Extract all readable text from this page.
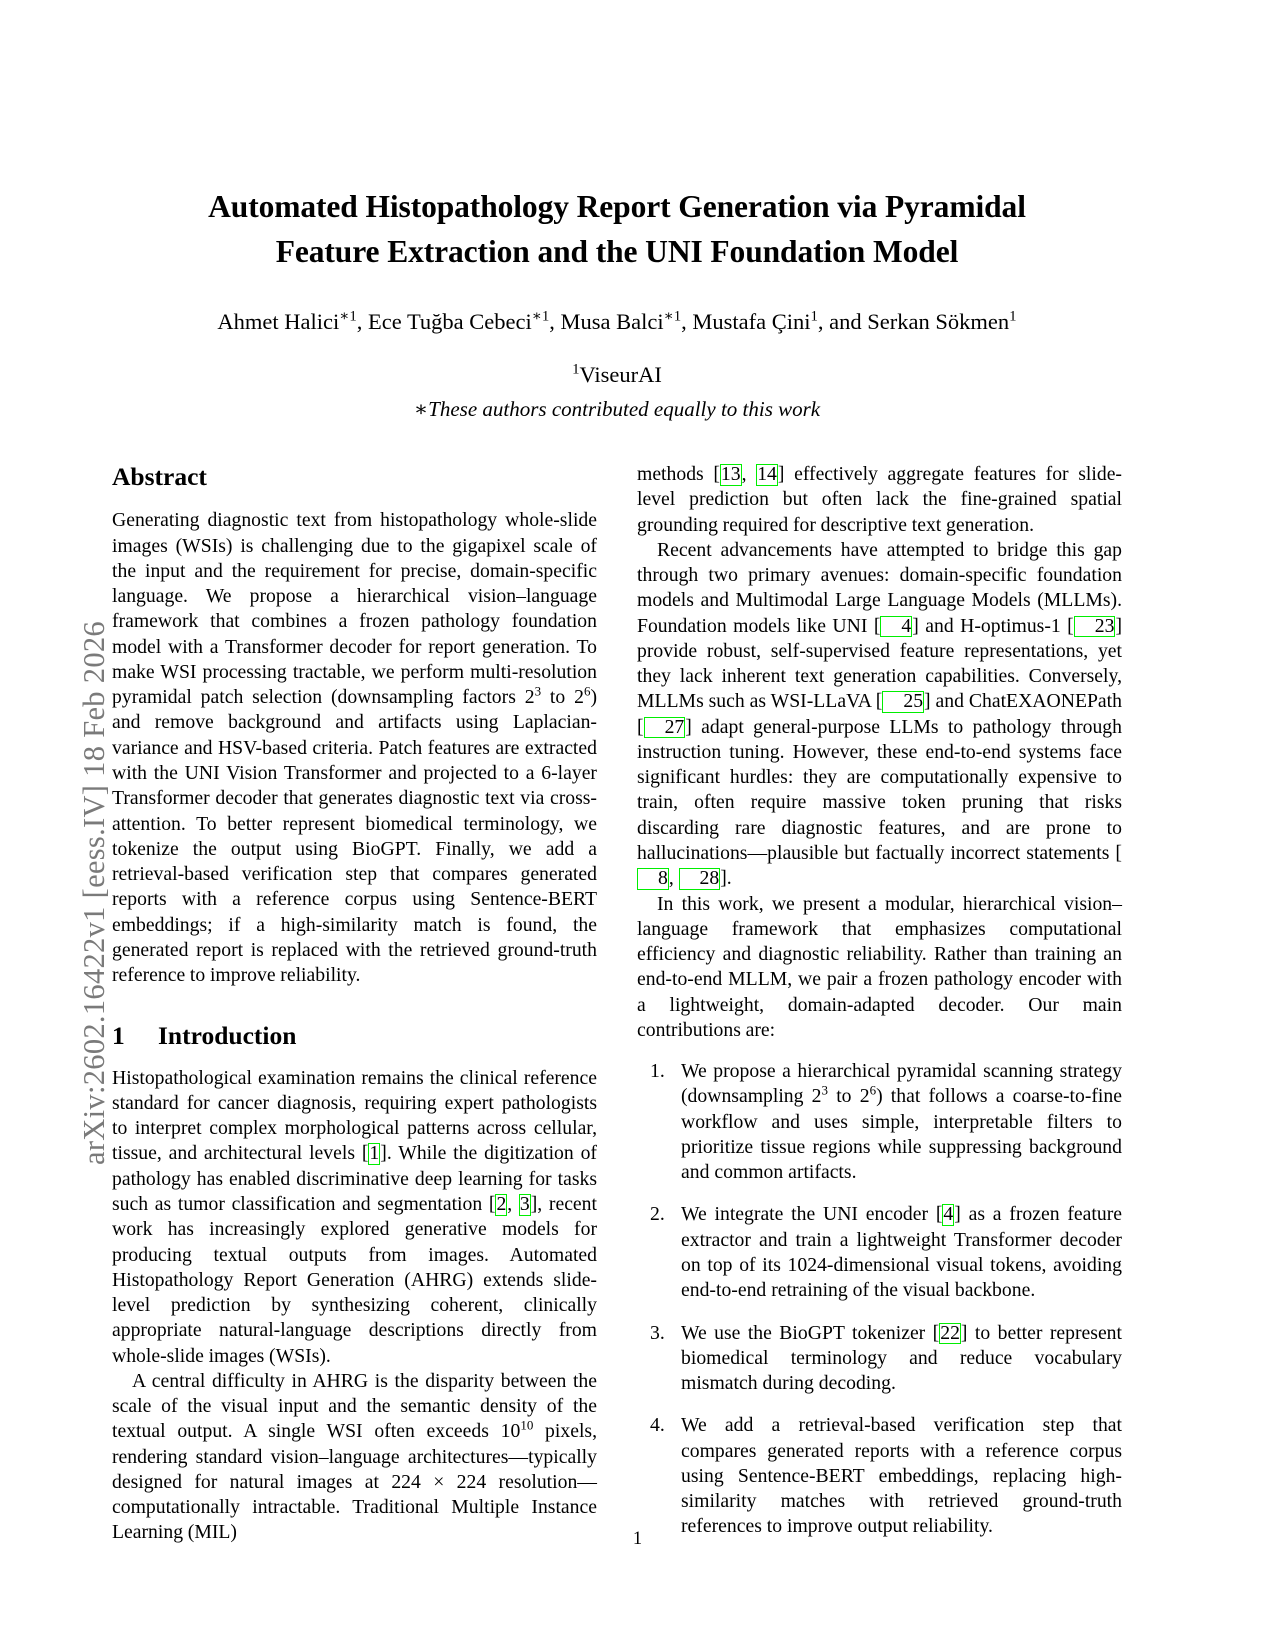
arXiv:2602.16422v1 [eess.IV] 18 Feb 2026
Automated Histopathology Report Generation via Pyramidal
Feature Extraction and the UNI Foundation Model
Ahmet Halici$^{∗1}$, Ece Tuğba Cebeci$^{∗1}$, Musa Balci$^{∗1}$, Mustafa Çini$^1$, and Serkan Sökmen$^1$
$^1$ViseurAI
∗These authors contributed equally to this work
Abstract

Generating diagnostic text from histopathology whole-slide images (WSIs) is challenging due to the gigapixel scale of the input and the requirement for precise, domain-specific language. We propose a hierarchical vision–language framework that combines a frozen pathology foundation model with a Transformer decoder for report generation. To make WSI processing tractable, we perform multi-resolution pyramidal patch selection (downsampling factors $2^3$ to $2^6$) and remove background and artifacts using Laplacian-variance and HSV-based criteria. Patch features are extracted with the UNI Vision Transformer and projected to a 6-layer Transformer decoder that generates diagnostic text via cross-attention. To better represent biomedical terminology, we tokenize the output using BioGPT. Finally, we add a retrieval-based verification step that compares generated reports with a reference corpus using Sentence-BERT embeddings; if a high-similarity match is found, the generated report is replaced with the retrieved ground-truth reference to improve reliability.

1 Introduction

Histopathological examination remains the clinical reference standard for cancer diagnosis, requiring expert pathologists to interpret complex morphological patterns across cellular, tissue, and architectural levels [1]. While the digitization of pathology has enabled discriminative deep learning for tasks such as tumor classification and segmentation [2, 3], recent work has increasingly explored generative models for producing textual outputs from images. Automated Histopathology Report Generation (AHRG) extends slide-level prediction by synthesizing coherent, clinically appropriate natural-language descriptions directly from whole-slide images (WSIs).

A central difficulty in AHRG is the disparity between the scale of the visual input and the semantic density of the textual output. A single WSI often exceeds $10^{10}$ pixels, rendering standard vision–language architectures—typically designed for natural images at 224 × 224 resolution—computationally intractable. Traditional Multiple Instance Learning (MIL)

methods [13, 14] effectively aggregate features for slide-level prediction but often lack the fine-grained spatial grounding required for descriptive text generation.

Recent advancements have attempted to bridge this gap through two primary avenues: domain-specific foundation models and Multimodal Large Language Models (MLLMs). Foundation models like UNI [ 4] and H-optimus-1 [ 23] provide robust, self-supervised feature representations, yet they lack inherent text generation capabilities. Conversely, MLLMs such as WSI-LLaVA [ 25] and ChatEXAONEPath [ 27] adapt general-purpose LLMs to pathology through instruction tuning. However, these end-to-end systems face significant hurdles: they are computationally expensive to train, often require massive token pruning that risks discarding rare diagnostic features, and are prone to hallucinations—plausible but factually incorrect statements [8, 28].

In this work, we present a modular, hierarchical vision–language framework that emphasizes computational efficiency and diagnostic reliability. Rather than training an end-to-end MLLM, we pair a frozen pathology encoder with a lightweight, domain-adapted decoder. Our main contributions are:

We propose a hierarchical pyramidal scanning strategy (downsampling $2^3$ to $2^6$) that follows a coarse-to-fine workflow and uses simple, interpretable filters to prioritize tissue regions while suppressing background and common artifacts.
We integrate the UNI encoder [4] as a frozen feature extractor and train a lightweight Transformer decoder on top of its 1024-dimensional visual tokens, avoiding end-to-end retraining of the visual backbone.
We use the BioGPT tokenizer [22] to better represent biomedical terminology and reduce vocabulary mismatch during decoding.
We add a retrieval-based verification step that compares generated reports with a reference corpus using Sentence-BERT embeddings, replacing high-similarity matches with retrieved ground-truth references to improve output reliability.
1
